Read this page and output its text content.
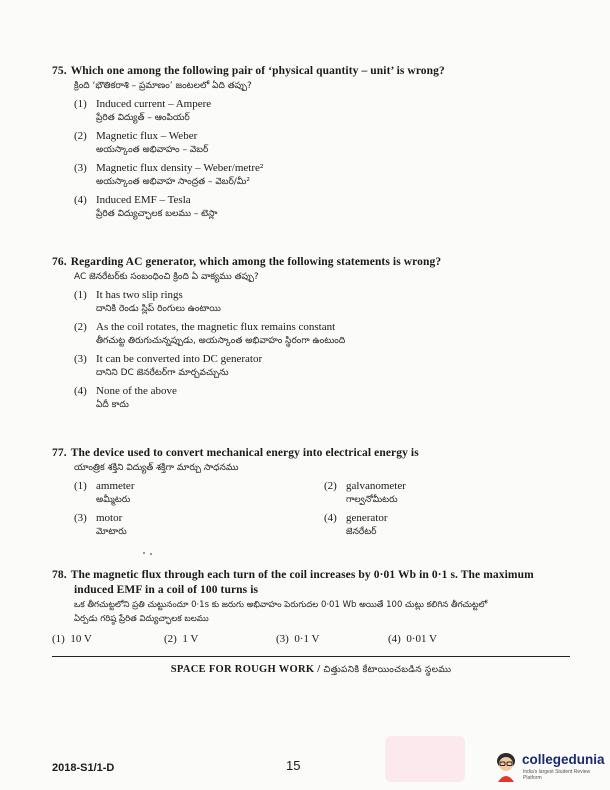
75. Which one among the following pair of ‘physical quantity – unit’ is wrong?
క్రింది ‘భౌతికరాశి – ప్రమాణం’ జంటలలో ఏది తప్పు?
(1) Induced current – Ampere
ప్రేరిత విద్యుత్ – ఆంపియర్
(2) Magnetic flux – Weber
అయస్కాంత అభివాహం – వెబర్
(3) Magnetic flux density – Weber/metre²
అయస్కాంత అభివాహ సాంద్రత – వెబర్/మీ²
(4) Induced EMF – Tesla
ప్రేరిత విద్యుచ్ఛాలక బలము – టెస్లా
76. Regarding AC generator, which among the following statements is wrong?
AC జెనరేటర్‌కు సంబంధించి క్రింది ఏ వాక్యము తప్పు?
(1) It has two slip rings
దానికి రెండు స్లిప్ రింగులు ఉంటాయి
(2) As the coil rotates, the magnetic flux remains constant
తీగచుట్ట తిరుగుచున్నప్పుడు, అయస్కాంత అభివాహం స్థిరంగా ఉంటుంది
(3) It can be converted into DC generator
దానిని DC జెనరేటర్‌గా మార్చవచ్చును
(4) None of the above
ఏదీ కాదు
77. The device used to convert mechanical energy into electrical energy is
యాంత్రిక శక్తిని విద్యుత్ శక్తిగా మార్చు సాధనము
(1) ammeter
అమ్మీటరు
(2) galvanometer
గాల్వనోమీటరు
(3) motor
మోటారు
(4) generator
జెనరేటర్
78. The magnetic flux through each turn of the coil increases by 0·01 Wb in 0·1 s. The maximum
induced EMF in a coil of 100 turns is
ఒక తీగచుట్టలోని ప్రతి చుట్టునందూ 0·1s కు జరుగు అభివాహం పెరుగుదల 0·01 Wb అయితే 100 చుట్లు కలిగిన తీగచుట్టలో
ఏర్పడు గరిష్ఠ ప్రేరిత విద్యుచ్ఛాలక బలము
(1) 10 V	(2) 1 V	(3) 0·1 V	(4) 0·01 V
SPACE FOR ROUGH WORK / చిత్తుపనికి కేటాయించబడిన స్థలము
2018-S1/1-D	15	collegedunia
India's largest Student Review Platform
